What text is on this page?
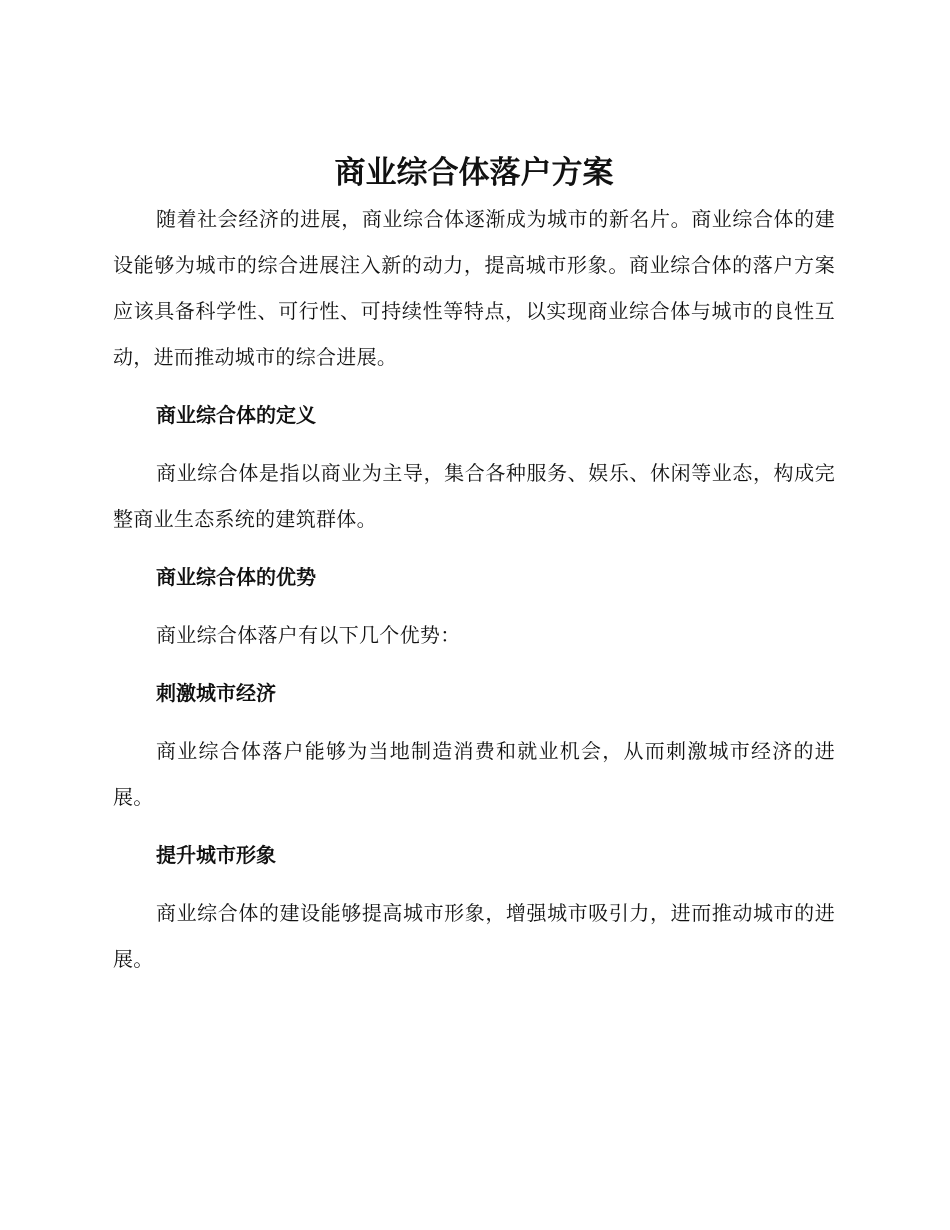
商业综合体落户方案

随着社会经济的进展，商业综合体逐渐成为城市的新名片。商业综合体的建设能够为城市的综合进展注入新的动力，提高城市形象。商业综合体的落户方案应该具备科学性、可行性、可持续性等特点，以实现商业综合体与城市的良性互动，进而推动城市的综合进展。

商业综合体的定义

商业综合体是指以商业为主导，集合各种服务、娱乐、休闲等业态，构成完整商业生态系统的建筑群体。

商业综合体的优势

商业综合体落户有以下几个优势：

刺激城市经济

商业综合体落户能够为当地制造消费和就业机会，从而刺激城市经济的进展。

提升城市形象

商业综合体的建设能够提高城市形象，增强城市吸引力，进而推动城市的进展。
